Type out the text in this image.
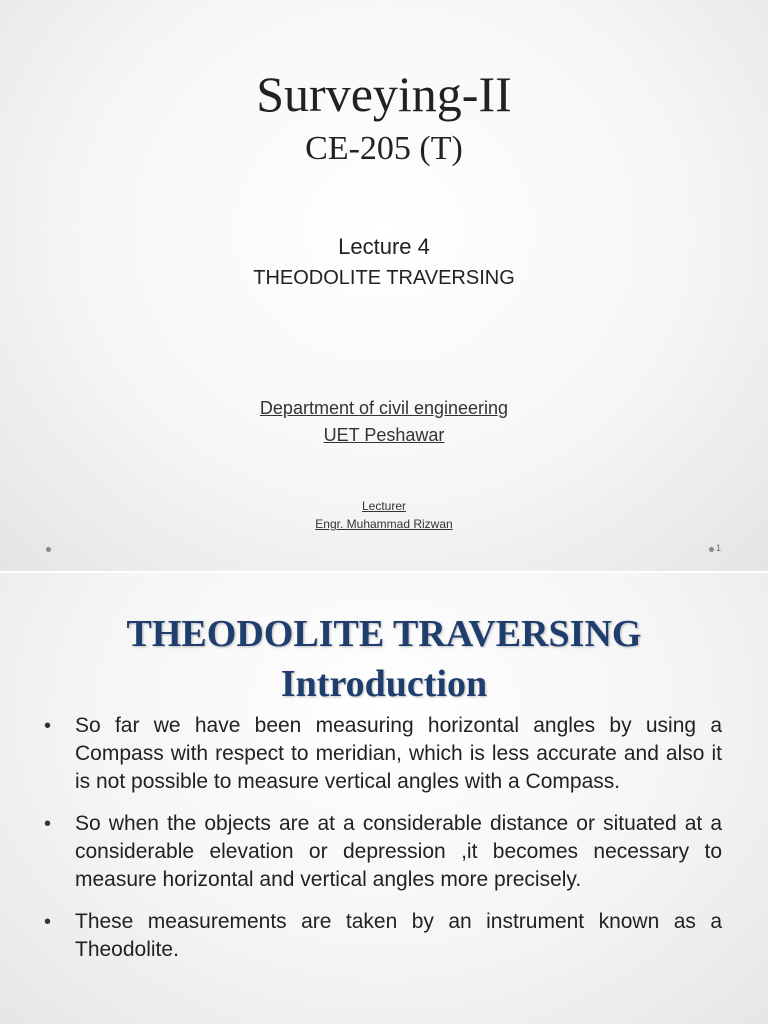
Surveying-II
CE-205 (T)
Lecture 4
THEODOLITE TRAVERSING
Department of civil engineering
UET Peshawar
Lecturer
Engr. Muhammad Rizwan
1
THEODOLITE TRAVERSING
Introduction
• So far we have been measuring horizontal angles by using a Compass with respect to meridian, which is less accurate and also it is not possible to measure vertical angles with a Compass.
• So when the objects are at a considerable distance or situated at a considerable elevation or depression ,it becomes necessary to measure horizontal and vertical angles more precisely.
• These measurements are taken by an instrument known as a Theodolite.
